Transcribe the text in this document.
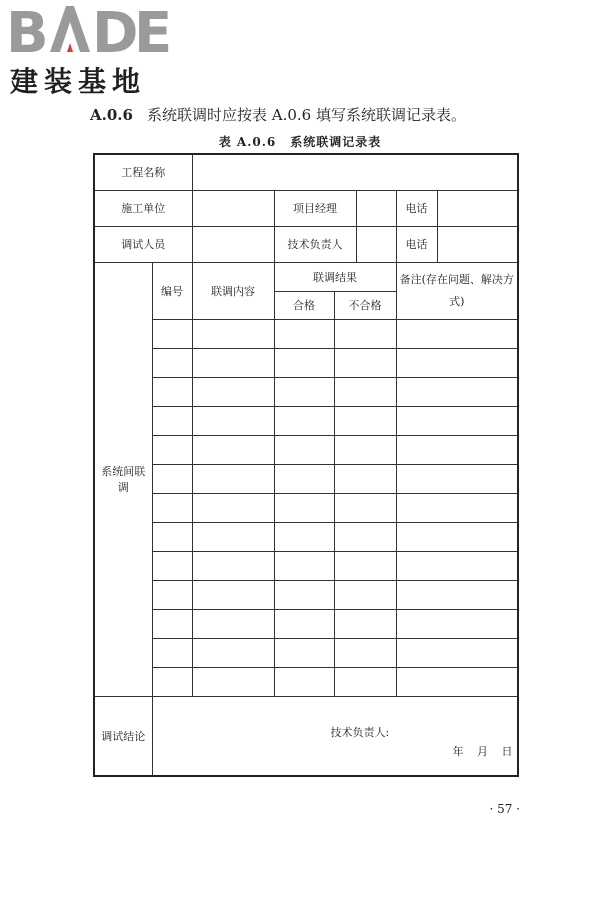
B D
E
建装基地
A.0.6 系统联调时应按表 A.0.6 填写系统联调记录表。
表 A.0.6 系统联调记录表
工程名称							
施工单位			项目经理			电话	
调试人员			技术负责人			电话	
系统间联调	编号	联调内容	联调结果			备注(存在问题、解决方式)	
			合格	不合格			

调试结论	技术负责人:
年 月 日						
· 57 ·
